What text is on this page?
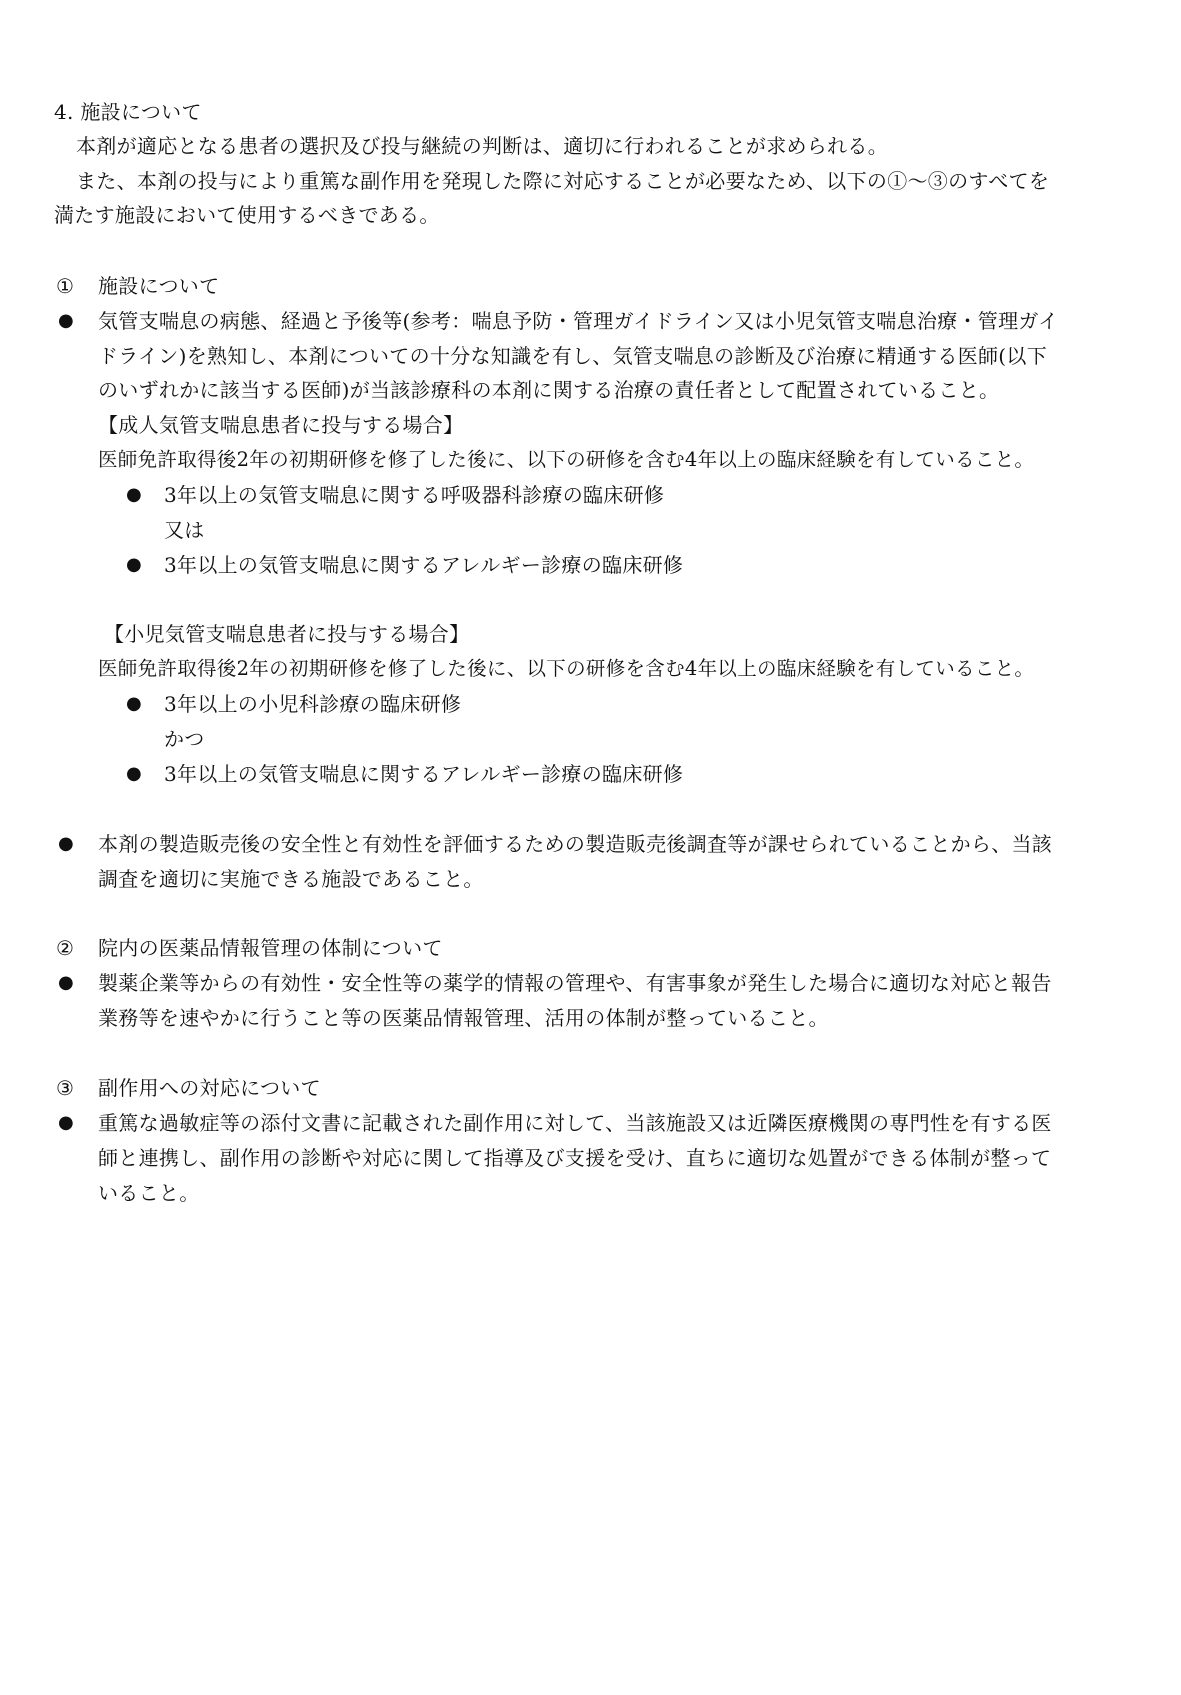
4. 施設について
本剤が適応となる患者の選択及び投与継続の判断は、適切に行われることが求められる。
また、本剤の投与により重篤な副作用を発現した際に対応することが必要なため、以下の①～③のすべてを
満たす施設において使用するべきである。
① 施設について
● 気管支喘息の病態、経過と予後等(参考：喘息予防・管理ガイドライン又は小児気管支喘息治療・管理ガイ
ドライン)を熟知し、本剤についての十分な知識を有し、気管支喘息の診断及び治療に精通する医師(以下
のいずれかに該当する医師)が当該診療科の本剤に関する治療の責任者として配置されていること。
【成人気管支喘息患者に投与する場合】
医師免許取得後2年の初期研修を修了した後に、以下の研修を含む4年以上の臨床経験を有していること。
● 3年以上の気管支喘息に関する呼吸器科診療の臨床研修
又は
● 3年以上の気管支喘息に関するアレルギー診療の臨床研修
【小児気管支喘息患者に投与する場合】
医師免許取得後2年の初期研修を修了した後に、以下の研修を含む4年以上の臨床経験を有していること。
● 3年以上の小児科診療の臨床研修
かつ
● 3年以上の気管支喘息に関するアレルギー診療の臨床研修
● 本剤の製造販売後の安全性と有効性を評価するための製造販売後調査等が課せられていることから、当該
調査を適切に実施できる施設であること。
② 院内の医薬品情報管理の体制について
● 製薬企業等からの有効性・安全性等の薬学的情報の管理や、有害事象が発生した場合に適切な対応と報告
業務等を速やかに行うこと等の医薬品情報管理、活用の体制が整っていること。
③ 副作用への対応について
● 重篤な過敏症等の添付文書に記載された副作用に対して、当該施設又は近隣医療機関の専門性を有する医
師と連携し、副作用の診断や対応に関して指導及び支援を受け、直ちに適切な処置ができる体制が整って
いること。
